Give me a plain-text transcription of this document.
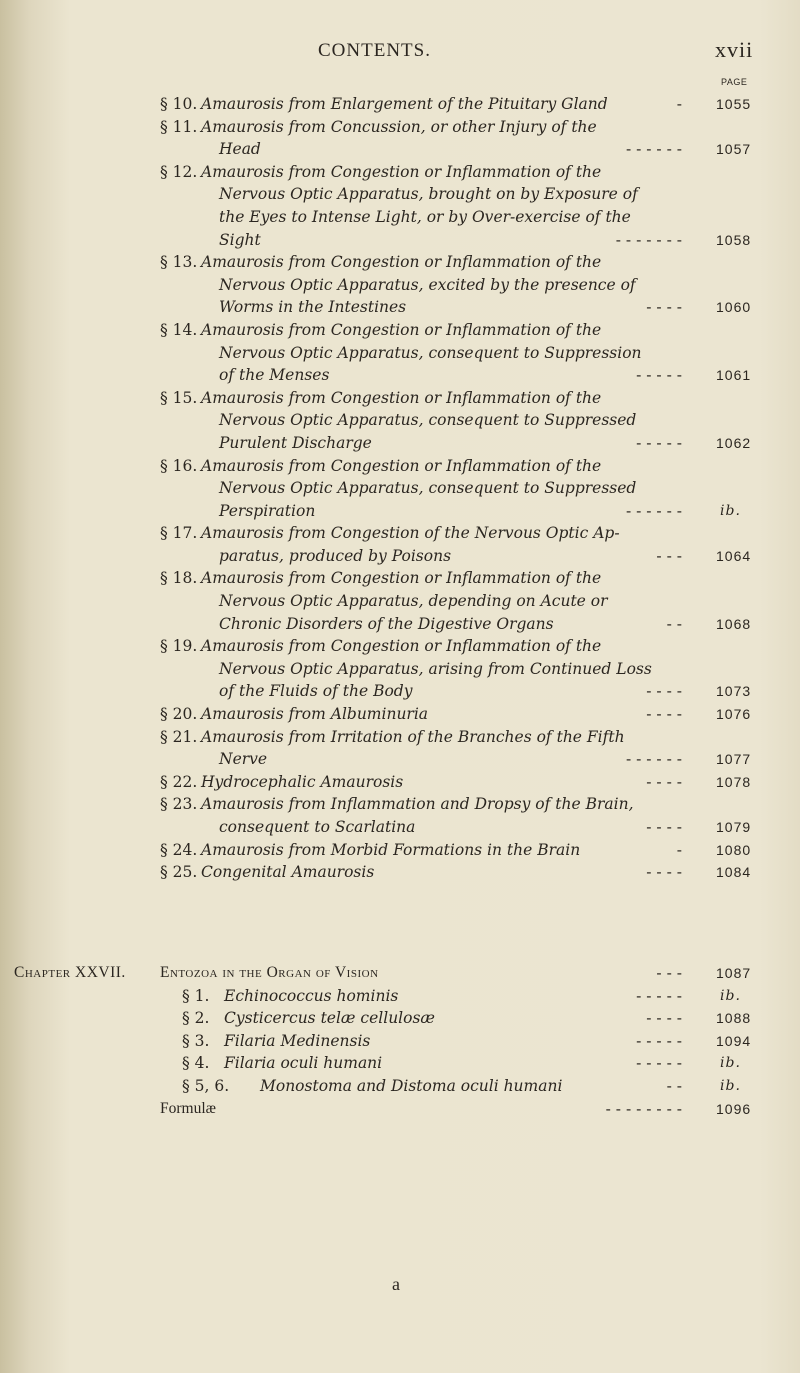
CONTENTS.	xvii
PAGE
§ 10. Amaurosis from Enlargement of the Pituitary Gland	- 1055
§ 11. Amaurosis from Concussion, or other Injury of the
Head	- - - - - - 1057
§ 12. Amaurosis from Congestion or Inflammation of the
Nervous Optic Apparatus, brought on by Exposure of
the Eyes to Intense Light, or by Over-exercise of the
Sight	- - - - - - - 1058
§ 13. Amaurosis from Congestion or Inflammation of the
Nervous Optic Apparatus, excited by the presence of
Worms in the Intestines	- - - - 1060
§ 14. Amaurosis from Congestion or Inflammation of the
Nervous Optic Apparatus, consequent to Suppression
of the Menses	- - - - - 1061
§ 15. Amaurosis from Congestion or Inflammation of the
Nervous Optic Apparatus, consequent to Suppressed
Purulent Discharge	- - - - - 1062
§ 16. Amaurosis from Congestion or Inflammation of the
Nervous Optic Apparatus, consequent to Suppressed
Perspiration	- - - - - -	ib.
§ 17. Amaurosis from Congestion of the Nervous Optic Ap-
paratus, produced by Poisons	- - - 1064
§ 18. Amaurosis from Congestion or Inflammation of the
Nervous Optic Apparatus, depending on Acute or
Chronic Disorders of the Digestive Organs	- - 1068
§ 19. Amaurosis from Congestion or Inflammation of the
Nervous Optic Apparatus, arising from Continued Loss
of the Fluids of the Body	- - - - 1073
§ 20. Amaurosis from Albuminuria	- - - - 1076
§ 21. Amaurosis from Irritation of the Branches of the Fifth
Nerve	- - - - - - 1077
§ 22. Hydrocephalic Amaurosis	- - - - 1078
§ 23. Amaurosis from Inflammation and Dropsy of the Brain,
consequent to Scarlatina	- - - - 1079
§ 24. Amaurosis from Morbid Formations in the Brain	- 1080
§ 25. Congenital Amaurosis	- - - - 1084
Chapter XXVII. Entozoa in the Organ of Vision	- - - 1087
§ 1. Echinococcus hominis	- - - - -	ib.
§ 2. Cysticercus telæ cellulosæ	- - - - 1088
§ 3. Filaria Medinensis	- - - - - 1094
§ 4. Filaria oculi humani	- - - - -	ib.
§ 5, 6. Monostoma and Distoma oculi humani	- -	ib.
Formulæ	- - - - - - - - 1096
a
